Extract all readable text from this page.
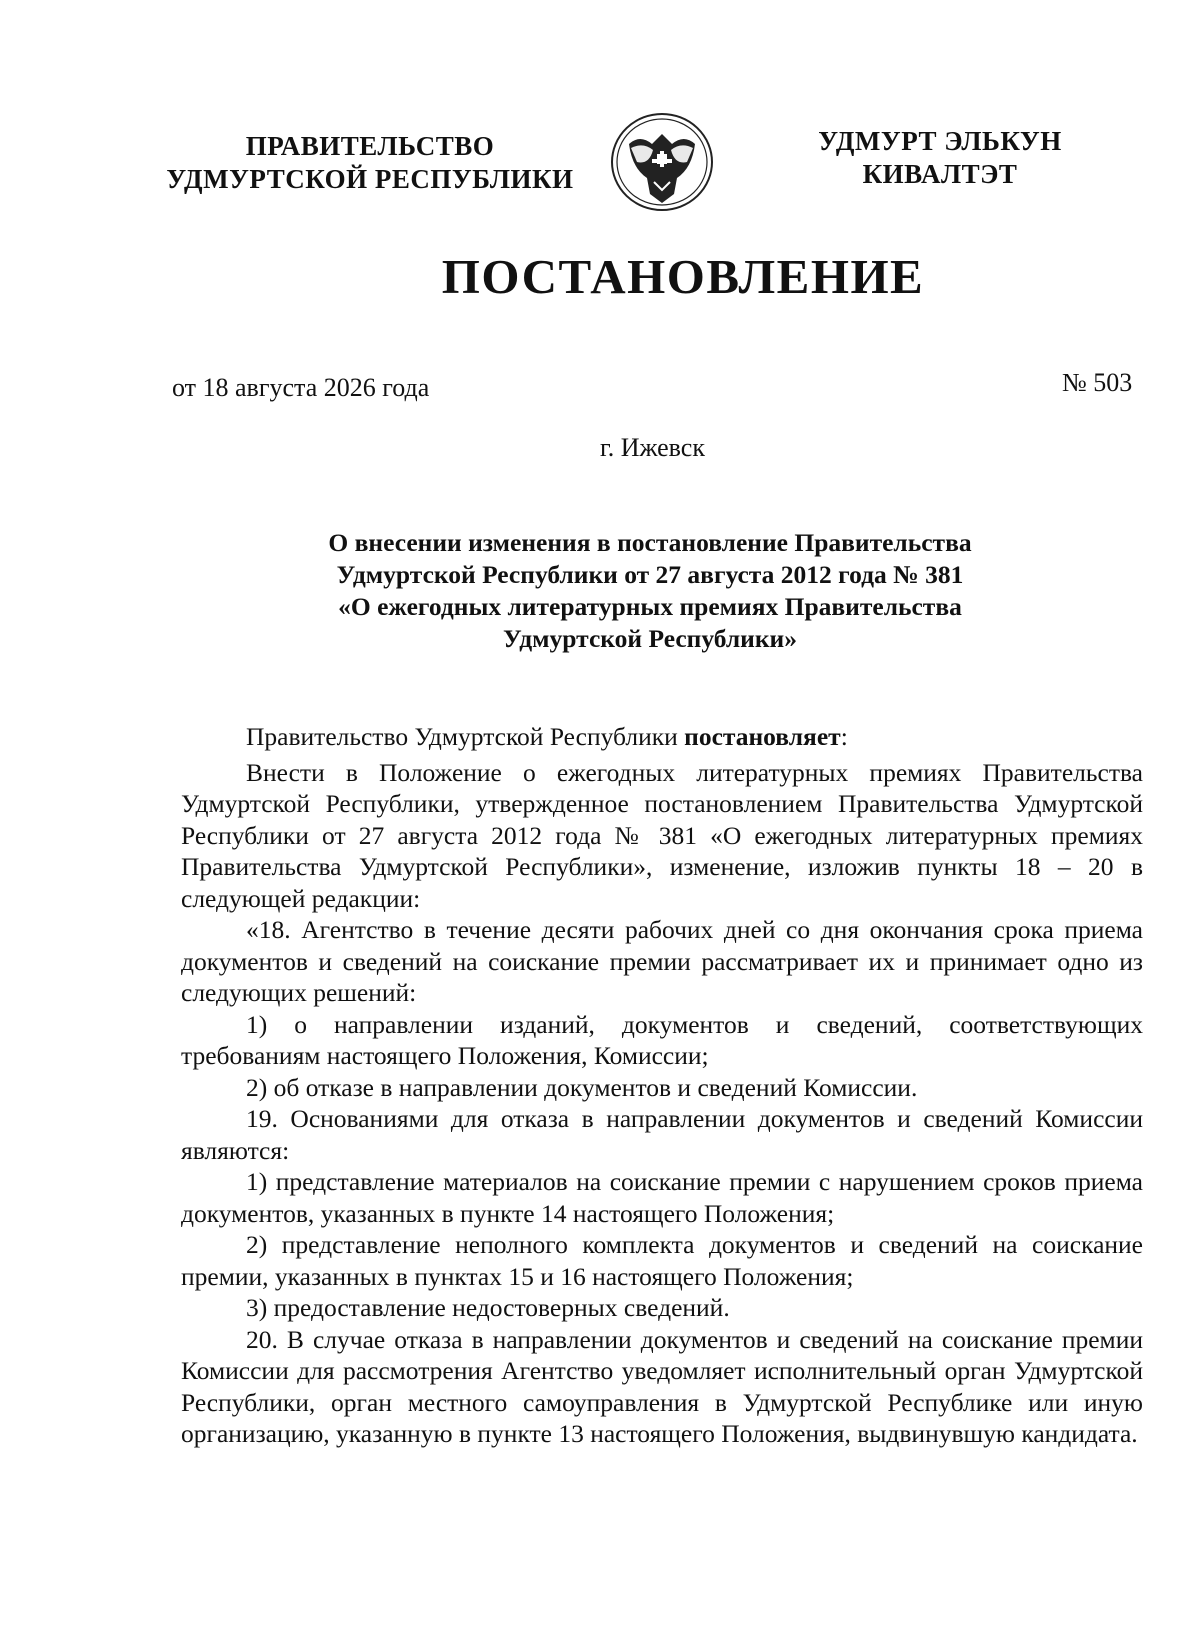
ПРАВИТЕЛЬСТВО
УДМУРТСКОЙ РЕСПУБЛИКИ
УДМУРТ ЭЛЬКУН
КИВАЛТЭТ
ПОСТАНОВЛЕНИЕ
от 18 августа 2026 года	№ 503
г. Ижевск
О внесении изменения в постановление Правительства
Удмуртской Республики от 27 августа 2012 года № 381
«О ежегодных литературных премиях Правительства
Удмуртской Республики»

Правительство Удмуртской Республики постановляет:

Внести в Положение о ежегодных литературных премиях Правительства Удмуртской Республики, утвержденное постановлением Правительства Удмуртской Республики от 27 августа 2012 года № 381 «О ежегодных литературных премиях Правительства Удмуртской Республики», изменение, изложив пункты 18 – 20 в следующей редакции:

«18. Агентство в течение десяти рабочих дней со дня окончания срока приема документов и сведений на соискание премии рассматривает их и принимает одно из следующих решений:

1) о направлении изданий, документов и сведений, соответствующих требованиям настоящего Положения, Комиссии;

2) об отказе в направлении документов и сведений Комиссии.

19. Основаниями для отказа в направлении документов и сведений Комиссии являются:

1) представление материалов на соискание премии с нарушением сроков приема документов, указанных в пункте 14 настоящего Положения;

2) представление неполного комплекта документов и сведений на соискание премии, указанных в пунктах 15 и 16 настоящего Положения;

3) предоставление недостоверных сведений.

20. В случае отказа в направлении документов и сведений на соискание премии Комиссии для рассмотрения Агентство уведомляет исполнительный орган Удмуртской Республики, орган местного самоуправления в Удмуртской Республике или иную организацию, указанную в пункте 13 настоящего Положения, выдвинувшую кандидата.
